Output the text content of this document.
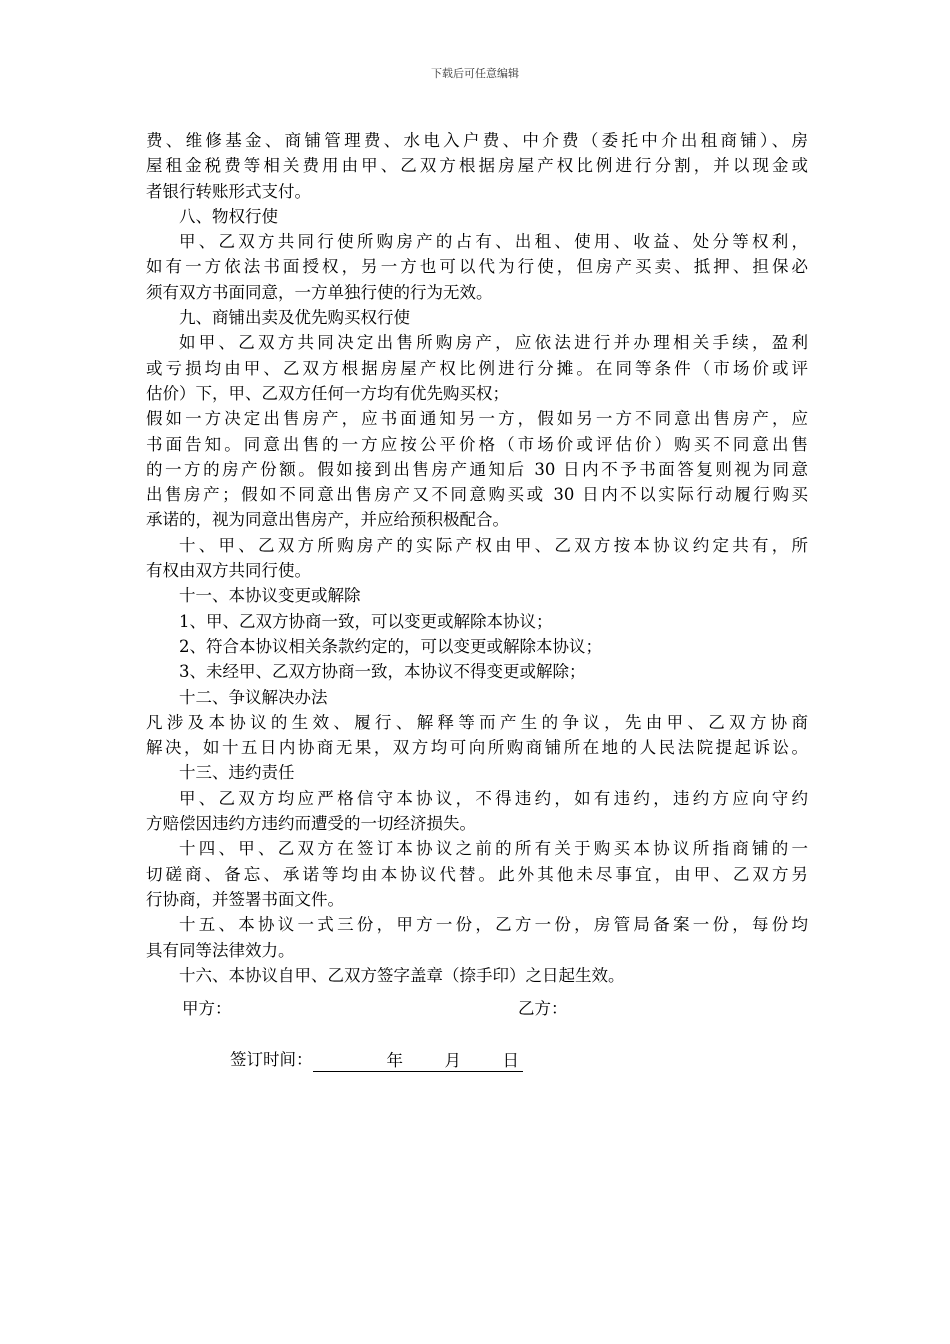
下载后可任意编辑
费、维修基金、商铺管理费、水电入户费、中介费（委托中介出租商铺）、房
屋租金税费等相关费用由甲、乙双方根据房屋产权比例进行分割，并以现金或
者银行转账形式支付。
八、物权行使
甲、乙双方共同行使所购房产的占有、出租、使用、收益、处分等权利，
如有一方依法书面授权，另一方也可以代为行使，但房产买卖、抵押、担保必
须有双方书面同意，一方单独行使的行为无效。
九、商铺出卖及优先购买权行使
如甲、乙双方共同决定出售所购房产，应依法进行并办理相关手续，盈利
或亏损均由甲、乙双方根据房屋产权比例进行分摊。在同等条件（市场价或评
估价）下，甲、乙双方任何一方均有优先购买权；
假如一方决定出售房产，应书面通知另一方，假如另一方不同意出售房产，应
书面告知。同意出售的一方应按公平价格（市场价或评估价）购买不同意出售
的一方的房产份额。假如接到出售房产通知后 30 日内不予书面答复则视为同意
出售房产；假如不同意出售房产又不同意购买或 30 日内不以实际行动履行购买
承诺的，视为同意出售房产，并应给预积极配合。
十、甲、乙双方所购房产的实际产权由甲、乙双方按本协议约定共有，所
有权由双方共同行使。
十一、本协议变更或解除
1、甲、乙双方协商一致，可以变更或解除本协议；
2、符合本协议相关条款约定的，可以变更或解除本协议；
3、未经甲、乙双方协商一致，本协议不得变更或解除；
十二、争议解决办法
凡涉及本协议的生效、履行、解释等而产生的争议，先由甲、乙双方协商
解决，如十五日内协商无果，双方均可向所购商铺所在地的人民法院提起诉讼。
十三、违约责任
甲、乙双方均应严格信守本协议，不得违约，如有违约，违约方应向守约
方赔偿因违约方违约而遭受的一切经济损失。
十四、甲、乙双方在签订本协议之前的所有关于购买本协议所指商铺的一
切磋商、备忘、承诺等均由本协议代替。此外其他未尽事宜，由甲、乙双方另
行协商，并签署书面文件。
十五、本协议一式三份，甲方一份，乙方一份，房管局备案一份，每份均
具有同等法律效力。
十六、本协议自甲、乙双方签字盖章（捺手印）之日起生效。
甲方：	乙方：
签订时间：	年	月	日
